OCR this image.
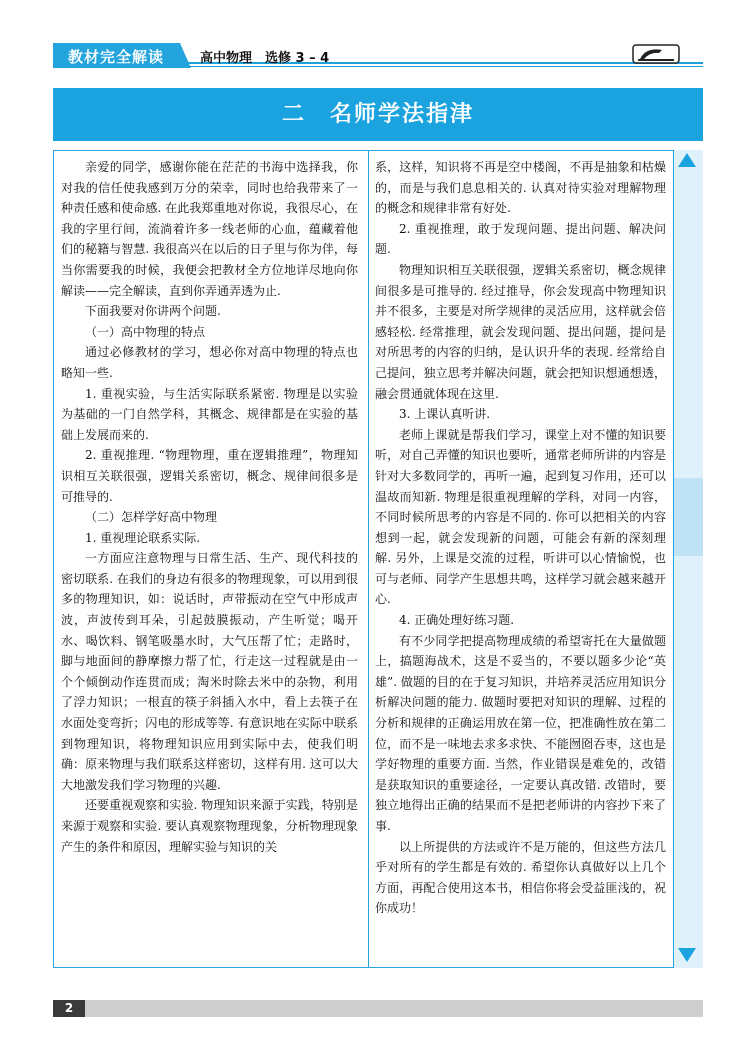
教材完全解读	高中物理　选修 3 – 4
二　名师学法指津

亲爱的同学，感谢你能在茫茫的书海中选择我，你对我的信任使我感到万分的荣幸，同时也给我带来了一种责任感和使命感. 在此我郑重地对你说，我很尽心，在我的字里行间，流淌着许多一线老师的心血，蕴藏着他们的秘籍与智慧. 我很高兴在以后的日子里与你为伴，每当你需要我的时候，我便会把教材全方位地详尽地向你解读——完全解读，直到你弄通弄透为止.

下面我要对你讲两个问题.

（一）高中物理的特点

通过必修教材的学习，想必你对高中物理的特点也略知一些.

1. 重视实验，与生活实际联系紧密. 物理是以实验为基础的一门自然学科，其概念、规律都是在实验的基础上发展而来的.

2. 重视推理. “物理物理，重在逻辑推理”，物理知识相互关联很强，逻辑关系密切，概念、规律间很多是可推导的.

（二）怎样学好高中物理

1. 重视理论联系实际.

一方面应注意物理与日常生活、生产、现代科技的密切联系. 在我们的身边有很多的物理现象，可以用到很多的物理知识，如：说话时，声带振动在空气中形成声波，声波传到耳朵，引起鼓膜振动，产生听觉；喝开水、喝饮料、钢笔吸墨水时，大气压帮了忙；走路时，脚与地面间的静摩擦力帮了忙，行走这一过程就是由一个个倾倒动作连贯而成；淘米时除去米中的杂物，利用了浮力知识；一根直的筷子斜插入水中，看上去筷子在水面处变弯折；闪电的形成等等. 有意识地在实际中联系到物理知识，将物理知识应用到实际中去，使我们明确：原来物理与我们联系这样密切，这样有用. 这可以大大地激发我们学习物理的兴趣.

还要重视观察和实验. 物理知识来源于实践，特别是来源于观察和实验. 要认真观察物理现象，分析物理现象产生的条件和原因，理解实验与知识的关

系，这样，知识将不再是空中楼阁，不再是抽象和枯燥的，而是与我们息息相关的. 认真对待实验对理解物理的概念和规律非常有好处.

2. 重视推理，敢于发现问题、提出问题、解决问题.

物理知识相互关联很强，逻辑关系密切，概念规律间很多是可推导的. 经过推导，你会发现高中物理知识并不很多，主要是对所学规律的灵活应用，这样就会倍感轻松. 经常推理，就会发现问题、提出问题，提问是对所思考的内容的归纳，是认识升华的表现. 经常给自己提问，独立思考并解决问题，就会把知识想通想透，融会贯通就体现在这里.

3. 上课认真听讲.

老师上课就是帮我们学习，课堂上对不懂的知识要听，对自己弄懂的知识也要听，通常老师所讲的内容是针对大多数同学的，再听一遍，起到复习作用，还可以温故而知新. 物理是很重视理解的学科，对同一内容，不同时候所思考的内容是不同的. 你可以把相关的内容想到一起，就会发现新的问题，可能会有新的深刻理解. 另外，上课是交流的过程，听讲可以心情愉悦，也可与老师、同学产生思想共鸣，这样学习就会越来越开心.

4. 正确处理好练习题.

有不少同学把提高物理成绩的希望寄托在大量做题上，搞题海战术，这是不妥当的，不要以题多少论“英雄”. 做题的目的在于复习知识，并培养灵活应用知识分析解决问题的能力. 做题时要把对知识的理解、过程的分析和规律的正确运用放在第一位，把准确性放在第二位，而不是一味地去求多求快、不能囫囵吞枣，这也是学好物理的重要方面. 当然，作业错误是难免的，改错是获取知识的重要途径，一定要认真改错. 改错时，要独立地得出正确的结果而不是把老师讲的内容抄下来了事.

以上所提供的方法或许不是万能的，但这些方法几乎对所有的学生都是有效的. 希望你认真做好以上几个方面，再配合使用这本书，相信你将会受益匪浅的，祝你成功！

2
